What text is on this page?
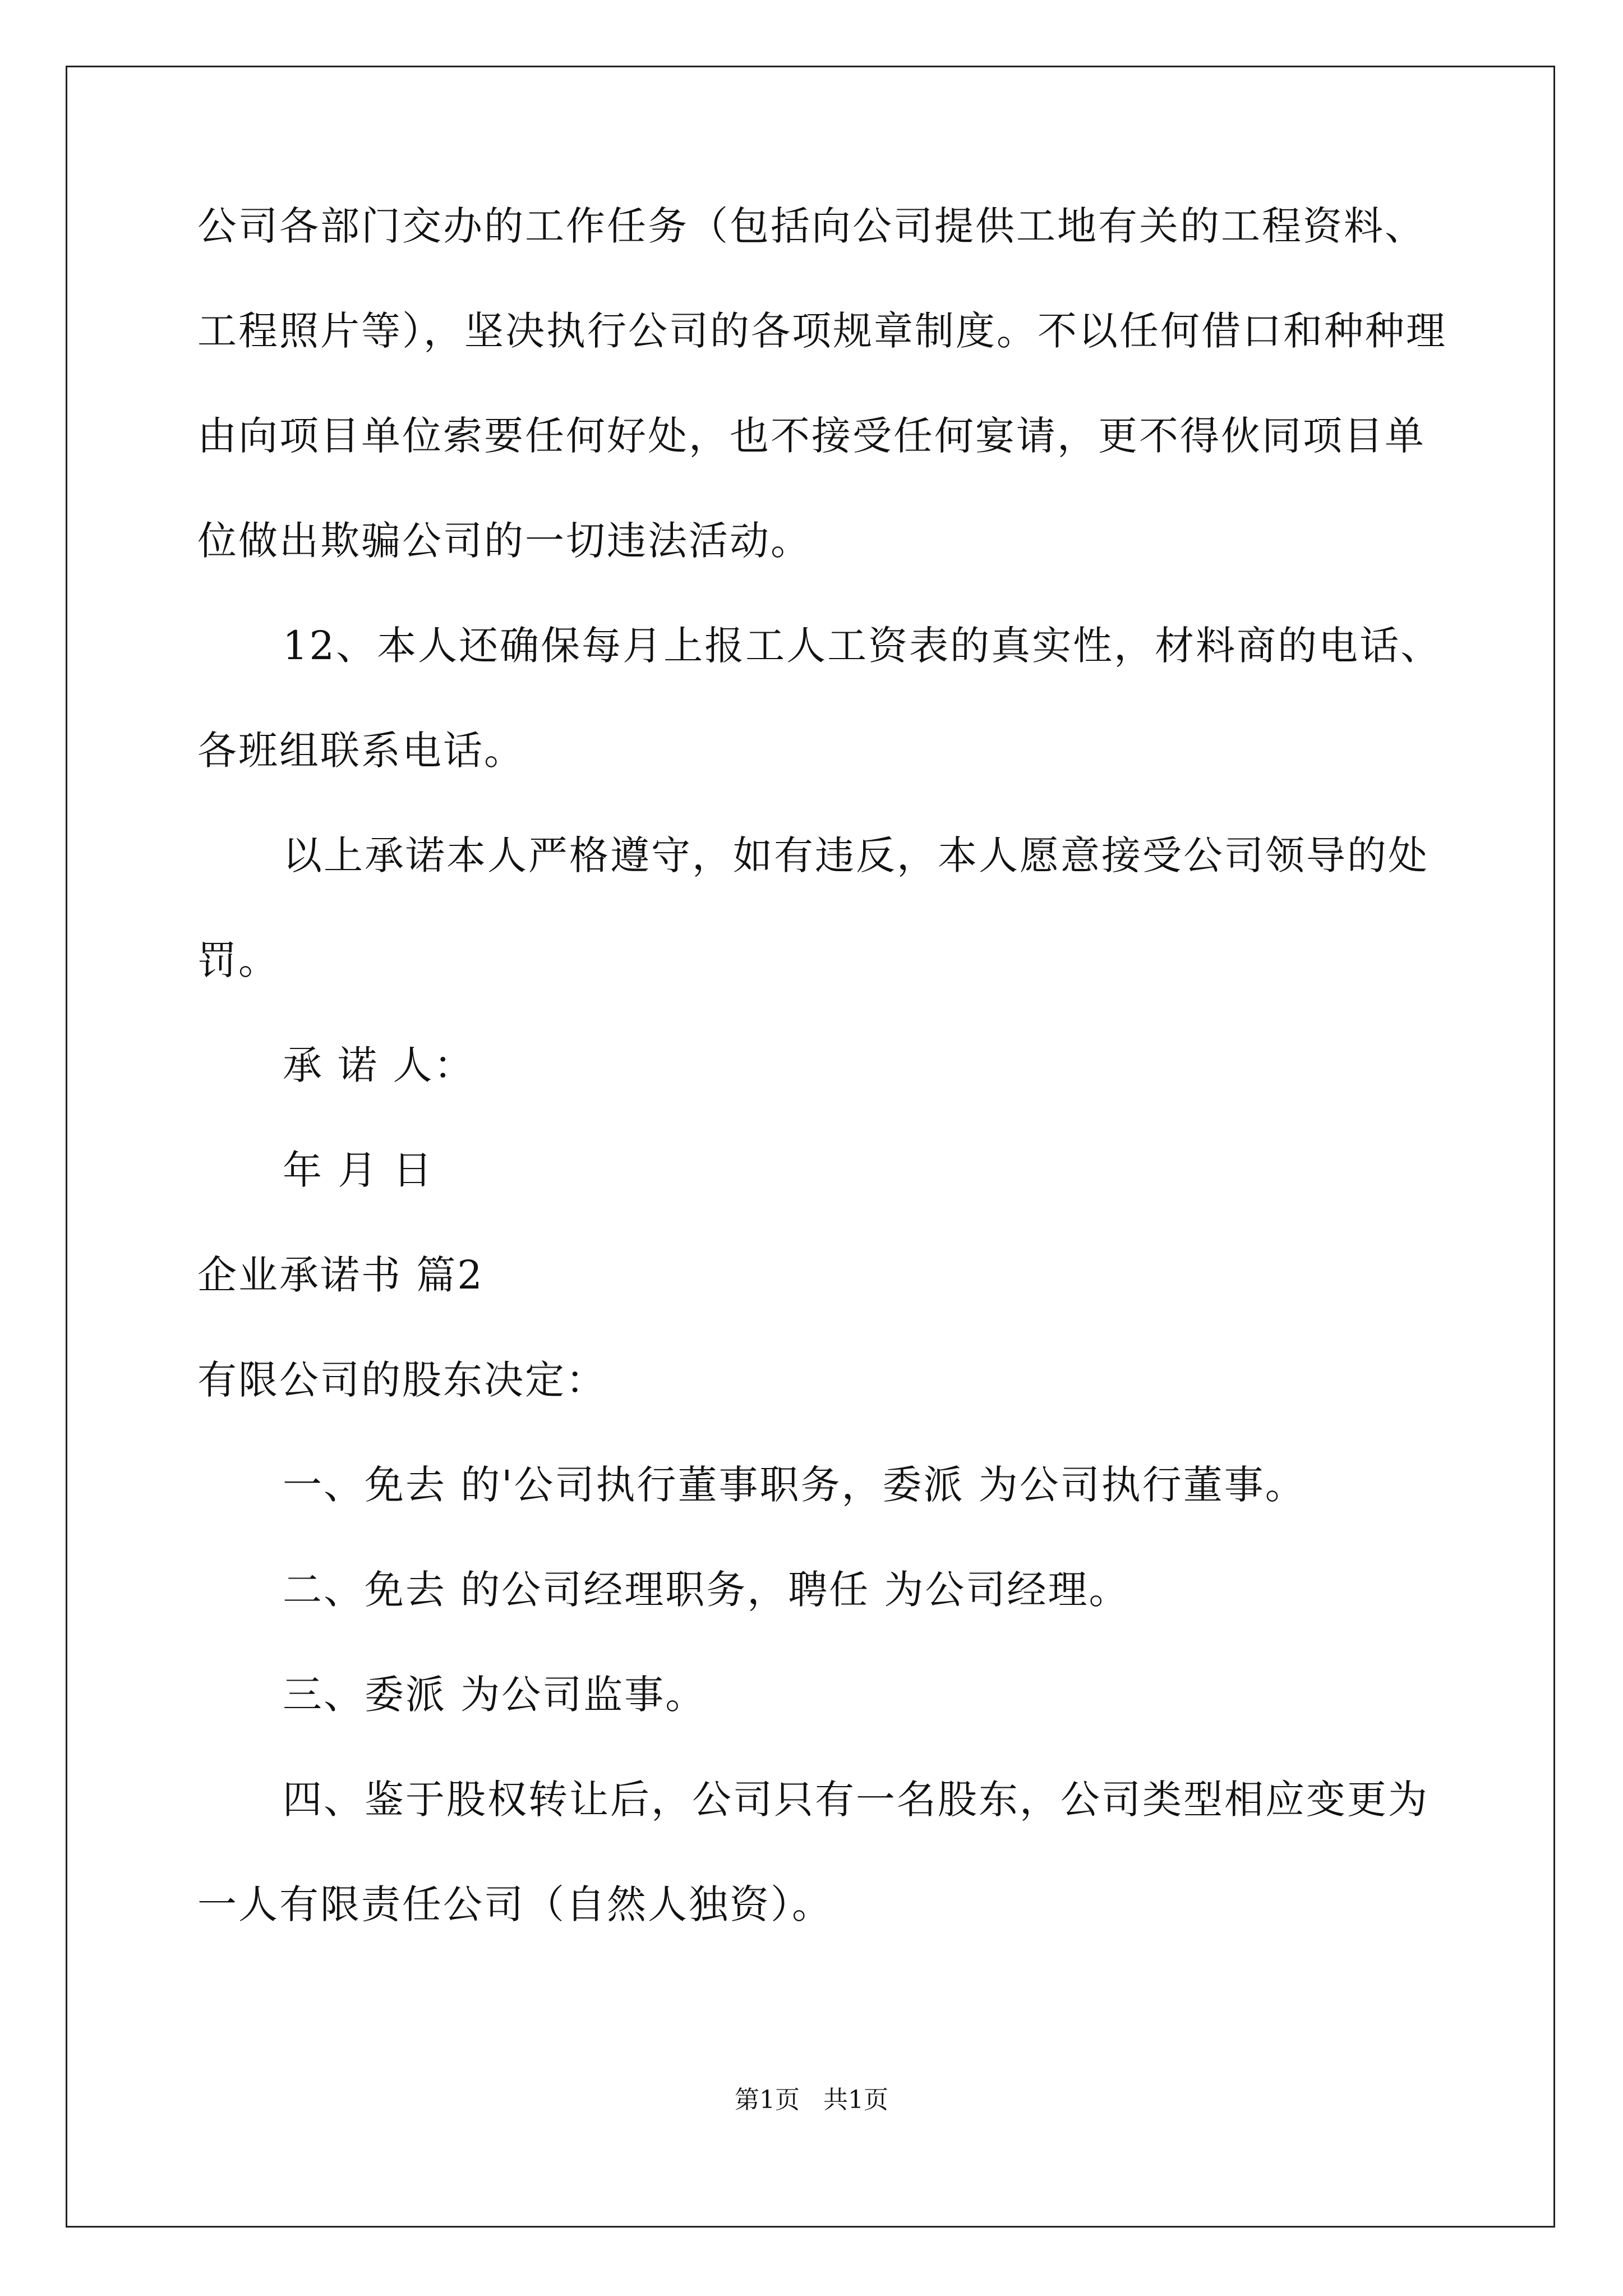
公司各部门交办的工作任务（包括向公司提供工地有关的工程资料、
工程照片等），坚决执行公司的各项规章制度。不以任何借口和种种理
由向项目单位索要任何好处，也不接受任何宴请，更不得伙同项目单
位做出欺骗公司的一切违法活动。
12、本人还确保每月上报工人工资表的真实性，材料商的电话、
各班组联系电话。
以上承诺本人严格遵守，如有违反，本人愿意接受公司领导的处
罚。
承 诺 人：
年 月 日
企业承诺书 篇2
有限公司的股东决定：
一、免去 的'公司执行董事职务，委派 为公司执行董事。
二、免去 的公司经理职务，聘任 为公司经理。
三、委派 为公司监事。
四、鉴于股权转让后，公司只有一名股东，公司类型相应变更为
一人有限责任公司（自然人独资）。
第1页   共1页
